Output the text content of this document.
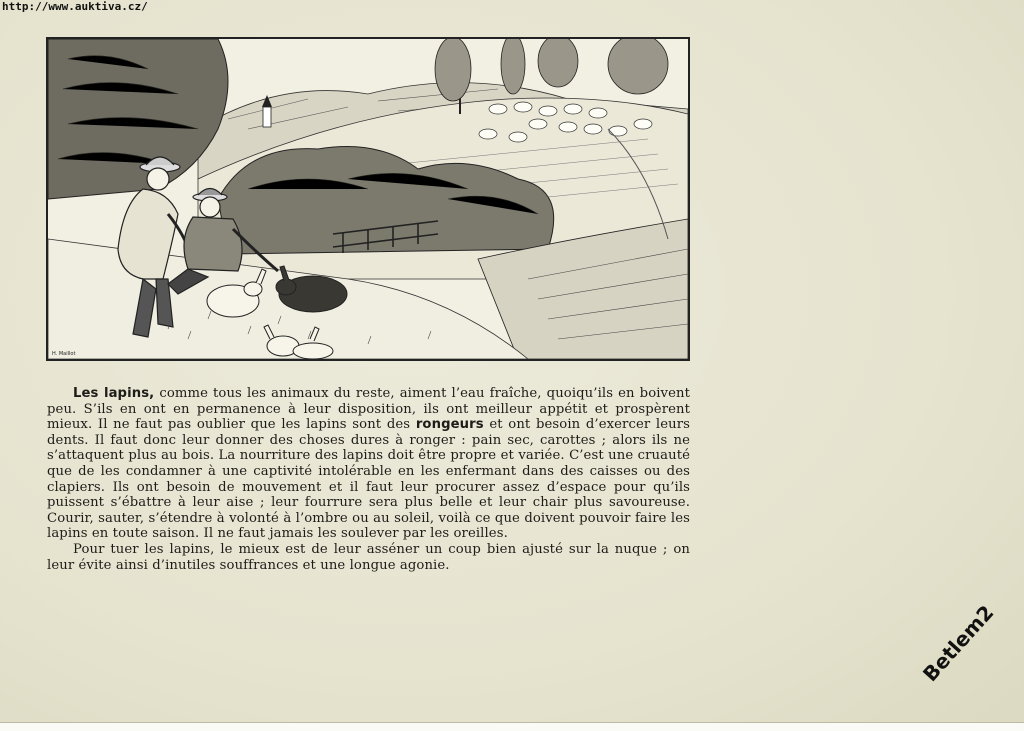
http://www.auktiva.cz/
H. Maillot

Les lapins, comme tous les animaux du reste, aiment l’eau fraîche, quoiqu’ils en boivent peu. S’ils en ont en permanence à leur disposition, ils ont meilleur appétit et prospèrent mieux. Il ne faut pas oublier que les lapins sont des rongeurs et ont besoin d’exercer leurs dents. Il faut donc leur donner des choses dures à ronger : pain sec, carottes ; alors ils ne s’attaquent plus au bois. La nourriture des lapins doit être propre et variée. C’est une cruauté que de les condamner à une captivité intolérable en les enfermant dans des caisses ou des clapiers. Ils ont besoin de mouvement et il faut leur procurer assez d’espace pour qu’ils puissent s’ébattre à leur aise ; leur fourrure sera plus belle et leur chair plus savoureuse. Courir, sauter, s’étendre à volonté à l’ombre ou au soleil, voilà ce que doivent pouvoir faire les lapins en toute saison. Il ne faut jamais les soulever par les oreilles.

Pour tuer les lapins, le mieux est de leur asséner un coup bien ajusté sur la nuque ; on leur évite ainsi d’inutiles souffrances et une longue agonie.

Betlem2
